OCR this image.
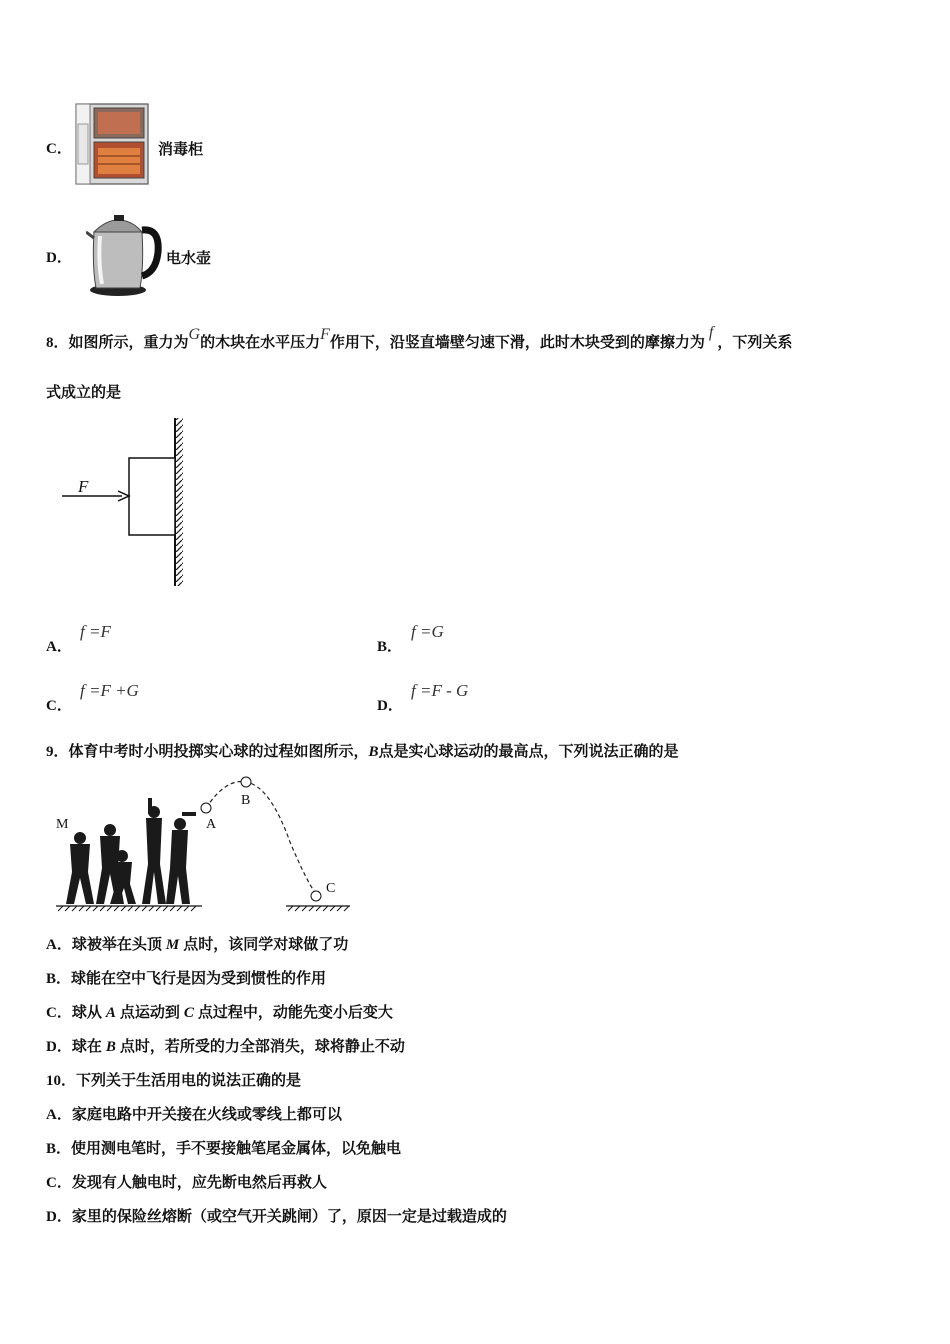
C．	消毒柜
D．	电水壶
8．如图所示，重力为G的木块在水平压力F作用下，沿竖直墙壁匀速下滑，此时木块受到的摩擦力为f，下列关系
式成立的是
F
A．
f =F
B．
f =G
C．
f =F +G
D．
f =F - G
9．体育中考时小明投掷实心球的过程如图所示，B点是实心球运动的最高点，下列说法正确的是
M	A
B
C
A．球被举在头顶 M 点时，该同学对球做了功
B．球能在空中飞行是因为受到惯性的作用
C．球从 A 点运动到 C 点过程中，动能先变小后变大
D．球在 B 点时，若所受的力全部消失，球将静止不动
10．下列关于生活用电的说法正确的是
A．家庭电路中开关接在火线或零线上都可以
B．使用测电笔时，手不要接触笔尾金属体，以免触电
C．发现有人触电时，应先断电然后再救人
D．家里的保险丝熔断（或空气开关跳闸）了，原因一定是过载造成的
